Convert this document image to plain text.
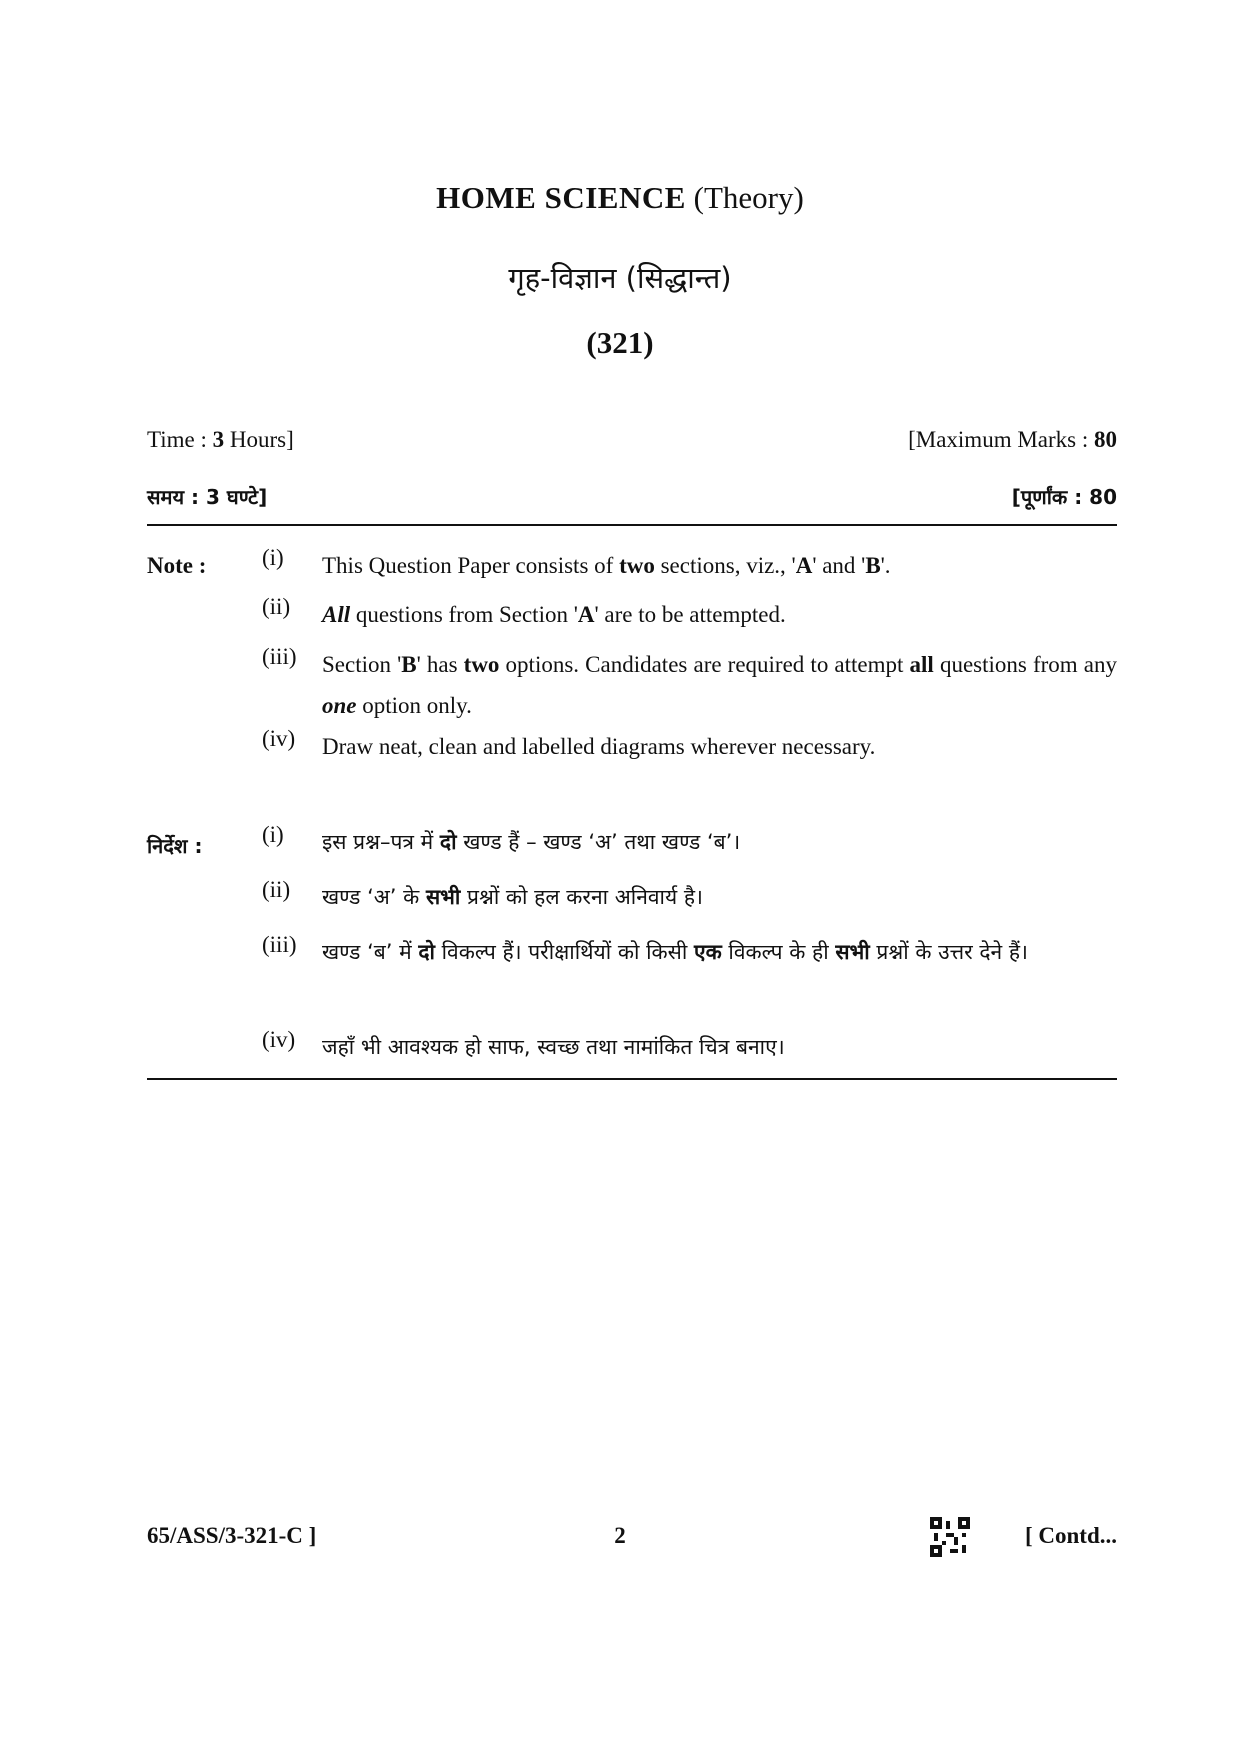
HOME SCIENCE (Theory)
गृह-विज्ञान (सिद्धान्त)
(321)
Time : 3 Hours]	[Maximum Marks : 80
समय : 3 घण्टे]	[पूर्णांक : 80
Note : (i)	This Question Paper consists of two sections, viz., 'A' and 'B'.
(ii)	All questions from Section 'A' are to be attempted.
(iii)	Section 'B' has two options. Candidates are required to attempt all questions from any one option only.
(iv)	Draw neat, clean and labelled diagrams wherever necessary.
निर्देश :	(i)	इस प्रश्न–पत्र में दो खण्ड हैं – खण्ड ‘अ’ तथा खण्ड ‘ब’।
(ii)	खण्ड ‘अ’ के सभी प्रश्नों को हल करना अनिवार्य है।
(iii)	खण्ड ‘ब’ में दो विकल्प हैं। परीक्षार्थियों को किसी एक विकल्प के ही सभी प्रश्नों के उत्तर देने हैं।
(iv)	जहाँ भी आवश्यक हो साफ, स्वच्छ तथा नामांकित चित्र बनाए।
65/ASS/3-321-C ]	2	[ Contd...
